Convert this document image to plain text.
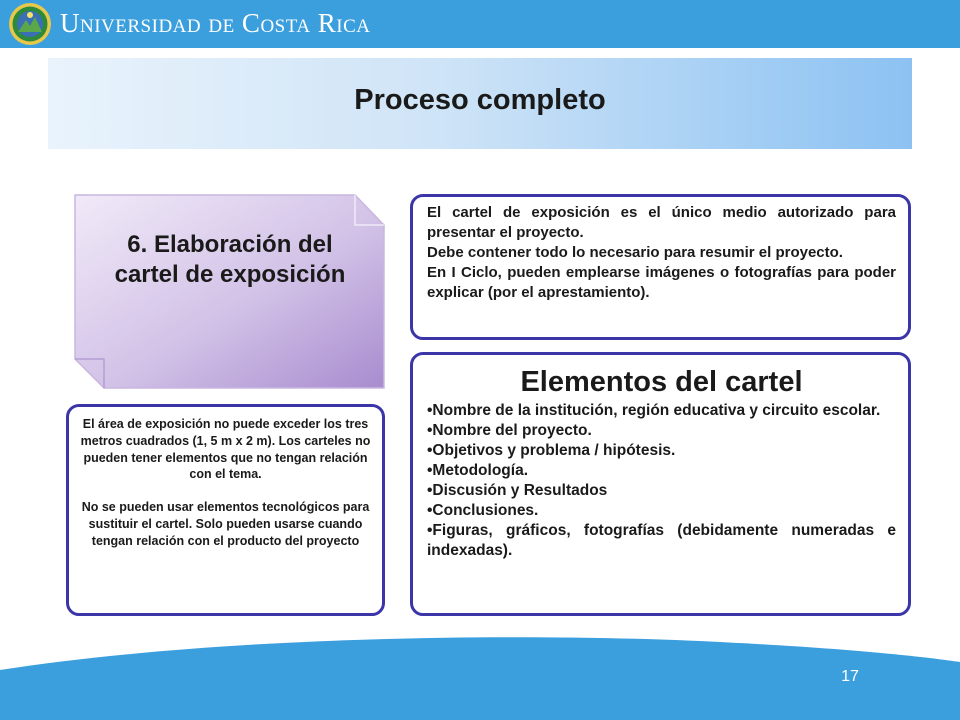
Universidad de Costa Rica
Proceso completo
6. Elaboración del cartel de exposición

El cartel de exposición es el único medio autorizado para presentar el proyecto.

Debe contener todo lo necesario para resumir el proyecto.

En I Ciclo, pueden emplearse imágenes o fotografías para poder explicar (por el aprestamiento).

Elementos del cartel
•Nombre de la institución, región educativa y circuito escolar.
•Nombre del proyecto.
•Objetivos y problema / hipótesis.
•Metodología.
•Discusión y Resultados
•Conclusiones.
•Figuras, gráficos, fotografías (debidamente numeradas e indexadas).

El área de exposición no puede exceder los tres metros cuadrados (1, 5 m x 2 m). Los carteles no pueden tener elementos que no tengan relación con el tema.

No se pueden usar elementos tecnológicos para sustituir el cartel. Solo pueden usarse cuando tengan relación con el producto del proyecto

17
